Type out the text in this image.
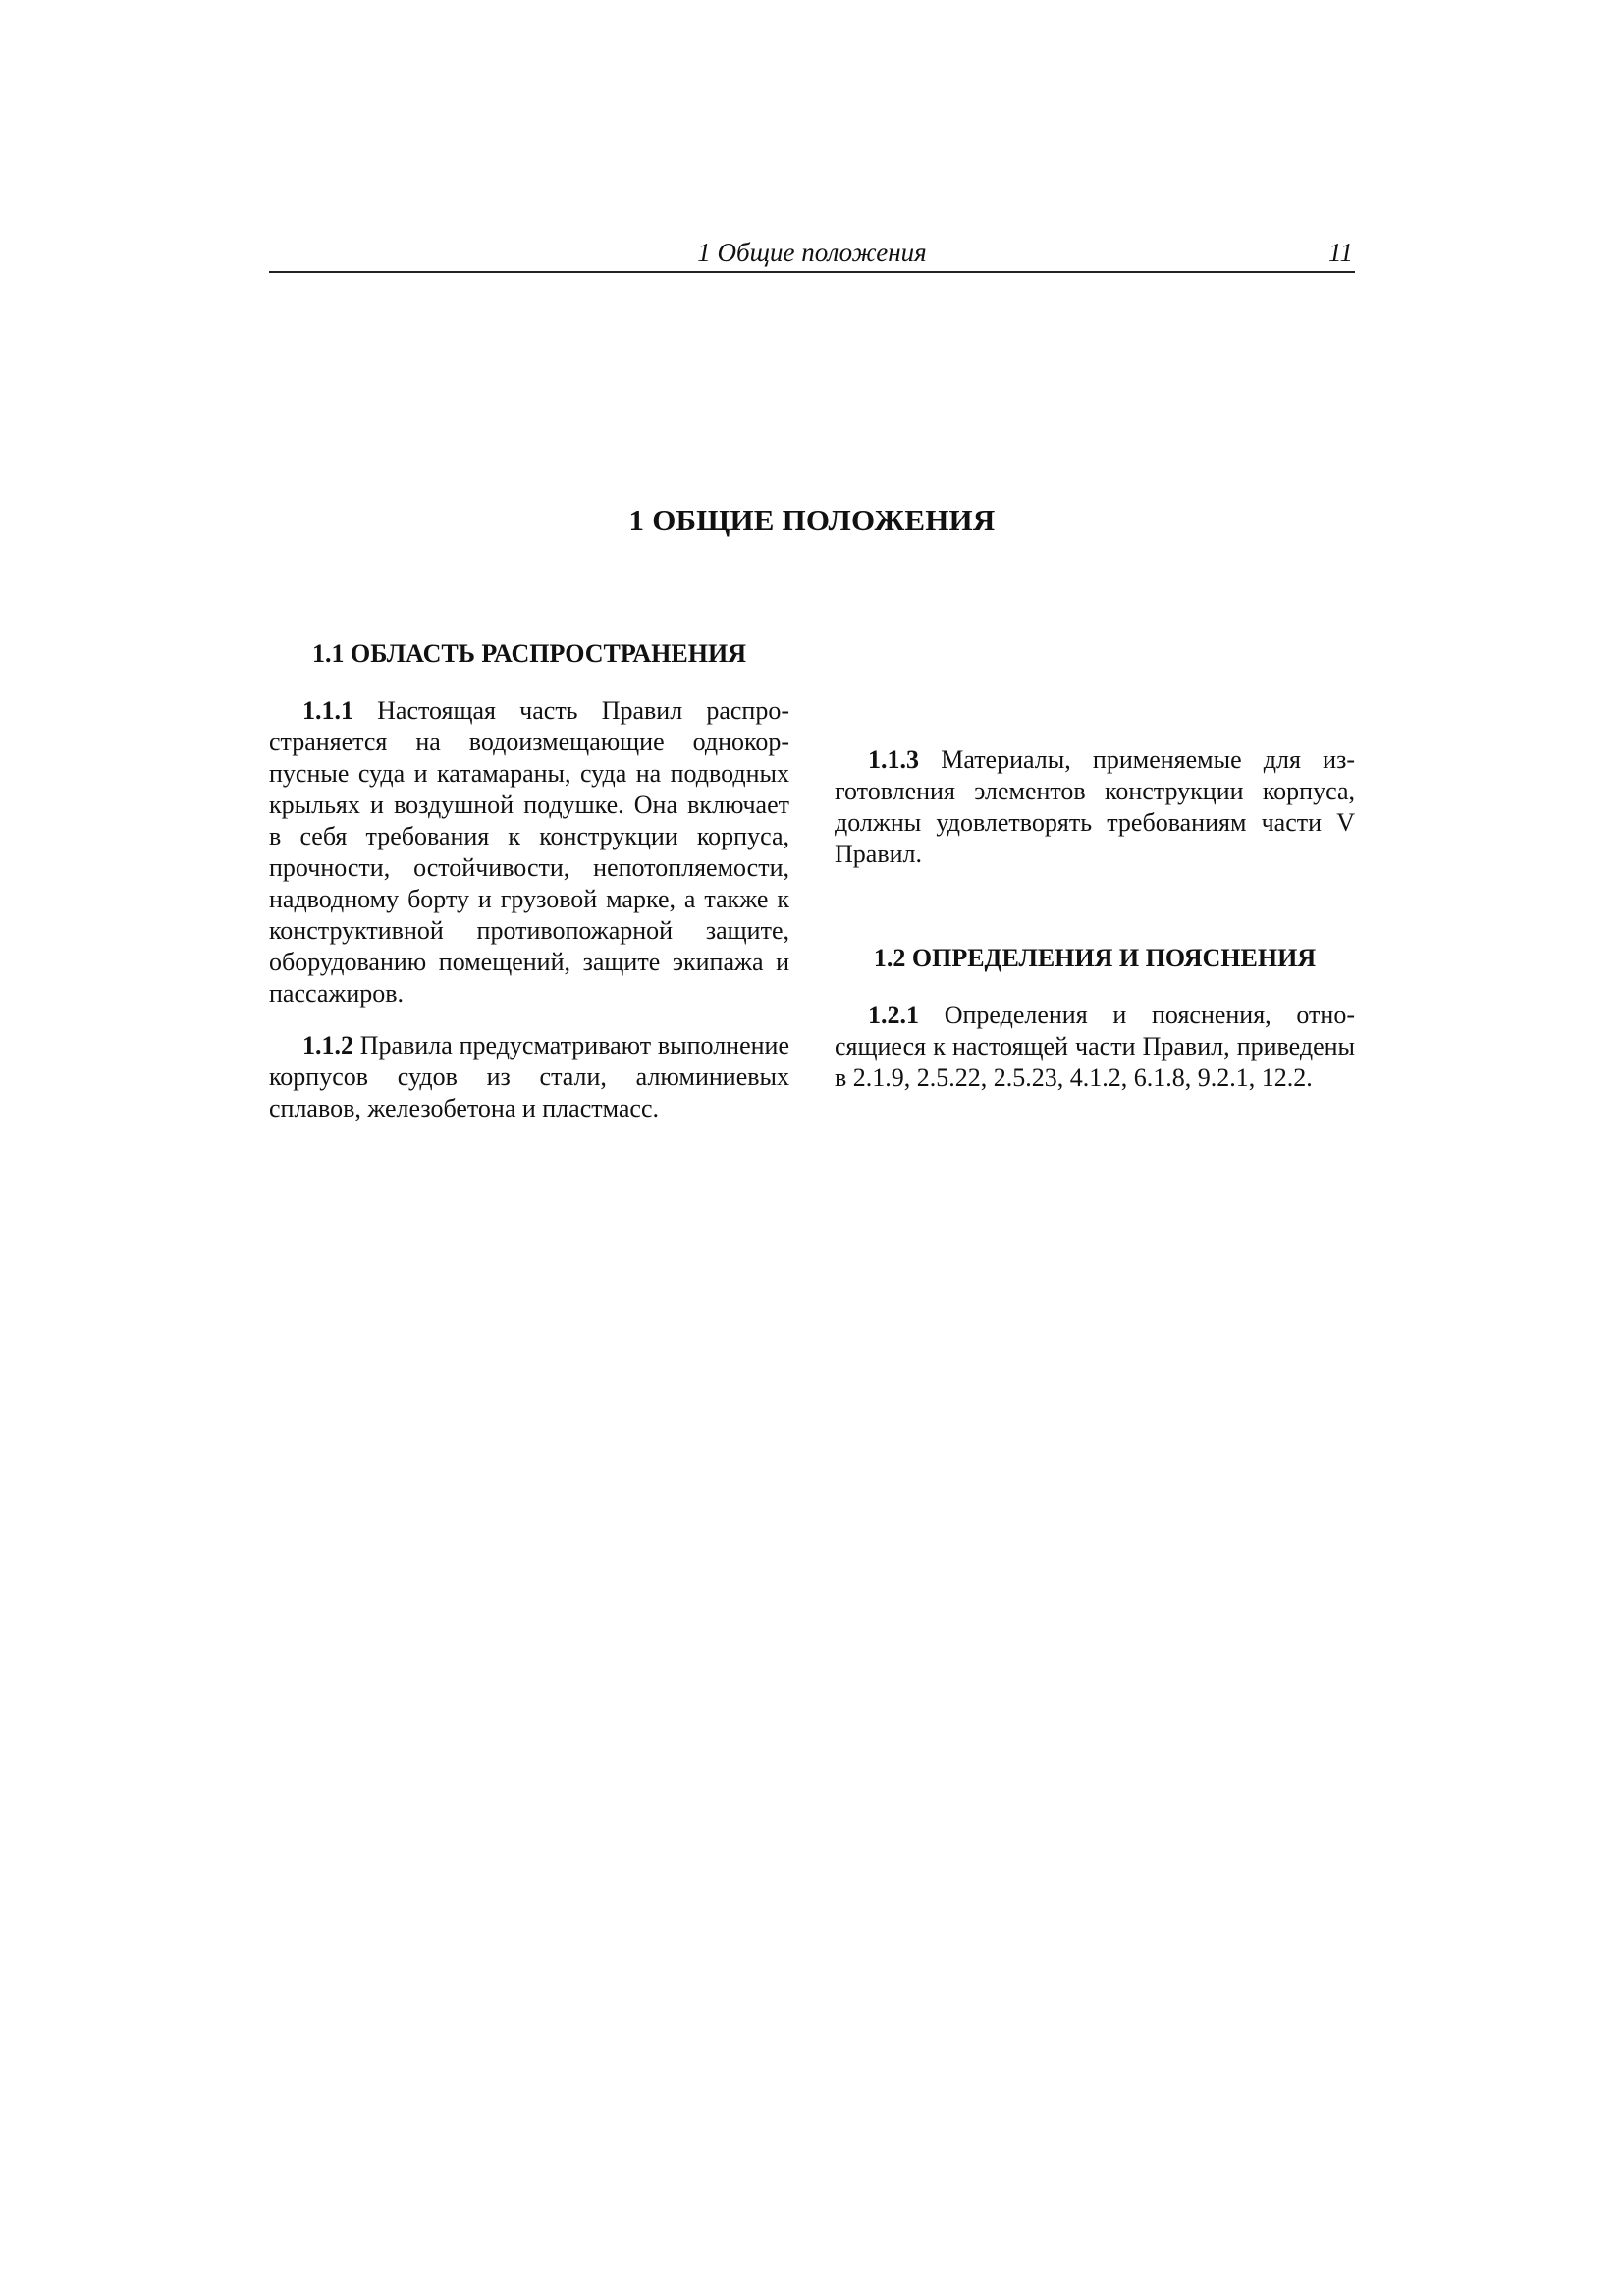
1 Общие положения	11
1 ОБЩИЕ ПОЛОЖЕНИЯ

1.1 ОБЛАСТЬ РАСПРОСТРАНЕНИЯ

1.1.1 Настоящая часть Правил распространяется на водоизмещающие однокорпусные суда и катамараны, суда на подводных крыльях и воздушной подушке. Она включает в себя требования к конструкции корпуса, прочности, остойчивости, непотопляемости, надводному борту и грузовой марке, а также к конструктивной противопожарной защите, оборудованию помещений, защите экипажа и пассажиров.

1.1.2 Правила предусматривают выполнение корпусов судов из стали, алюминиевых сплавов, железобетона и пластмасс.

1.1.3 Материалы, применяемые для изготовления элементов конструкции корпуса, должны удовлетворять требованиям части V Правил.

1.2 ОПРЕДЕЛЕНИЯ И ПОЯСНЕНИЯ

1.2.1 Определения и пояснения, относящиеся к настоящей части Правил, приведены в 2.1.9, 2.5.22, 2.5.23, 4.1.2, 6.1.8, 9.2.1, 12.2.
